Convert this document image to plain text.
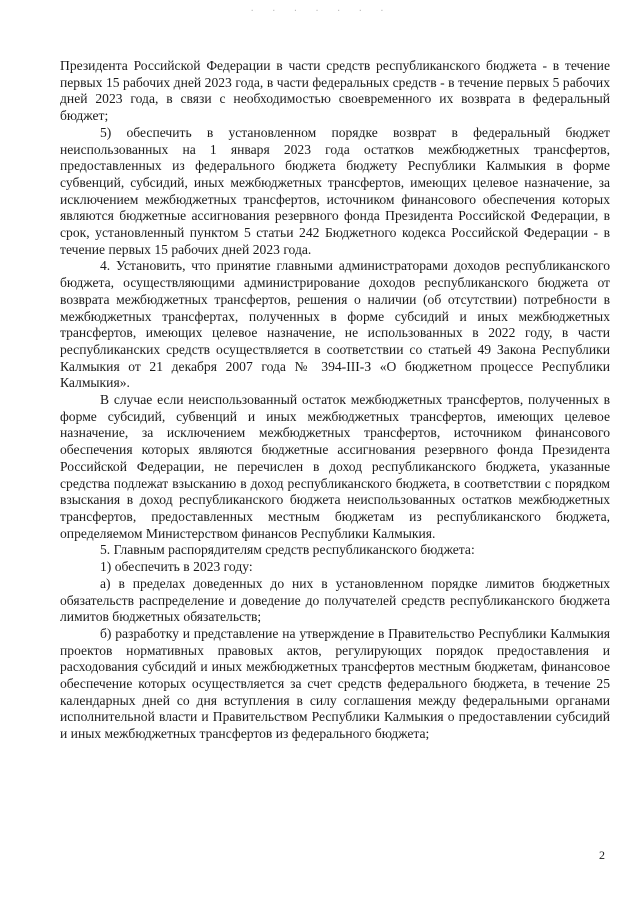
· · · · · · ·

Президента Российской Федерации в части средств республиканского бюджета - в течение первых 15 рабочих дней 2023 года, в части федеральных средств - в течение первых 5 рабочих дней 2023 года, в связи с необходимостью своевременного их возврата в федеральный бюджет;

5) обеспечить в установленном порядке возврат в федеральный бюджет неиспользованных на 1 января 2023 года остатков межбюджетных трансфертов, предоставленных из федерального бюджета бюджету Республики Калмыкия в форме субвенций, субсидий, иных межбюджетных трансфертов, имеющих целевое назначение, за исключением межбюджетных трансфертов, источником финансового обеспечения которых являются бюджетные ассигнования резервного фонда Президента Российской Федерации, в срок, установленный пунктом 5 статьи 242 Бюджетного кодекса Российской Федерации - в течение первых 15 рабочих дней 2023 года.

4. Установить, что принятие главными администраторами доходов республиканского бюджета, осуществляющими администрирование доходов республиканского бюджета от возврата межбюджетных трансфертов, решения о наличии (об отсутствии) потребности в межбюджетных трансфертах, полученных в форме субсидий и иных межбюджетных трансфертов, имеющих целевое назначение, не использованных в 2022 году, в части республиканских средств осуществляется в соответствии со статьей 49 Закона Республики Калмыкия от 21 декабря 2007 года № 394-III-З «О бюджетном процессе Республики Калмыкия».

В случае если неиспользованный остаток межбюджетных трансфертов, полученных в форме субсидий, субвенций и иных межбюджетных трансфертов, имеющих целевое назначение, за исключением межбюджетных трансфертов, источником финансового обеспечения которых являются бюджетные ассигнования резервного фонда Президента Российской Федерации, не перечислен в доход республиканского бюджета, указанные средства подлежат взысканию в доход республиканского бюджета, в соответствии с порядком взыскания в доход республиканского бюджета неиспользованных остатков межбюджетных трансфертов, предоставленных местным бюджетам из республиканского бюджета, определяемом Министерством финансов Республики Калмыкия.

5. Главным распорядителям средств республиканского бюджета:

1) обеспечить в 2023 году:

а) в пределах доведенных до них в установленном порядке лимитов бюджетных обязательств распределение и доведение до получателей средств республиканского бюджета лимитов бюджетных обязательств;

б) разработку и представление на утверждение в Правительство Республики Калмыкия проектов нормативных правовых актов, регулирующих порядок предоставления и расходования субсидий и иных межбюджетных трансфертов местным бюджетам, финансовое обеспечение которых осуществляется за счет средств федерального бюджета, в течение 25 календарных дней со дня вступления в силу соглашения между федеральными органами исполнительной власти и Правительством Республики Калмыкия о предоставлении субсидий и иных межбюджетных трансфертов из федерального бюджета;

2
